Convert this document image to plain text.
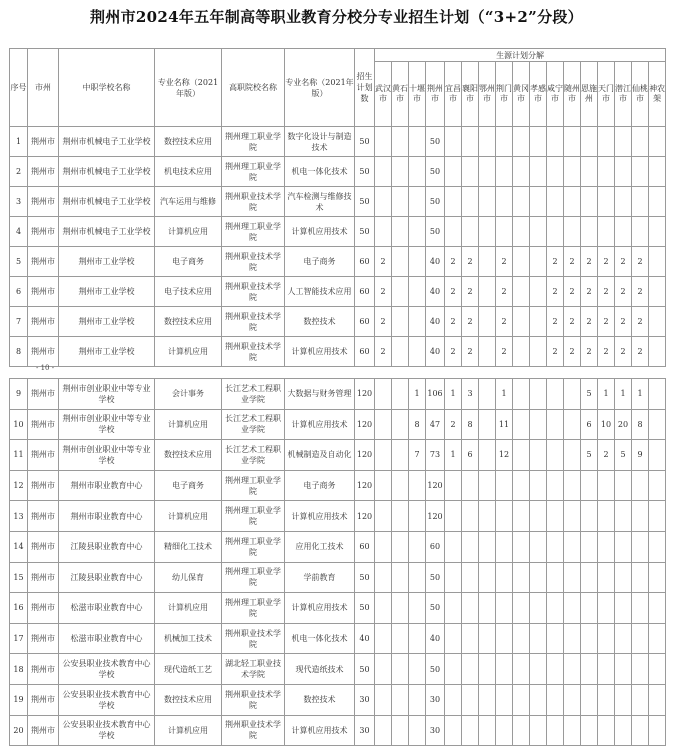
荆州市2024年五年制高等职业教育分校分专业招生计划（“3+2”分段）
序号	市州	中职学校名称	专业名称（2021年版）	高职院校名称	专业名称（2021年版）	招生计划数	生源计划分解																
							武汉市	黄石市	十堰市	荆州市	宜昌市	襄阳市	鄂州市	荆门市	黄冈市	孝感市	咸宁市	随州市	恩施州	天门市	潜江市	仙桃市	神农架
1	荆州市	荆州市机械电子工业学校	数控技术应用	荆州理工职业学院	数字化设计与制造技术	50				50													
2	荆州市	荆州市机械电子工业学校	机电技术应用	荆州理工职业学院	机电一体化技术	50				50													
3	荆州市	荆州市机械电子工业学校	汽车运用与维修	荆州职业技术学院	汽车检测与维修技术	50				50													
4	荆州市	荆州市机械电子工业学校	计算机应用	荆州理工职业学院	计算机应用技术	50				50													
5	荆州市	荆州市工业学校	电子商务	荆州职业技术学院	电子商务	60	2			40	2	2		2			2	2	2	2	2	2	
6	荆州市	荆州市工业学校	电子技术应用	荆州职业技术学院	人工智能技术应用	60	2			40	2	2		2			2	2	2	2	2	2	
7	荆州市	荆州市工业学校	数控技术应用	荆州职业技术学院	数控技术	60	2			40	2	2		2			2	2	2	2	2	2	
8	荆州市	荆州市工业学校	计算机应用	荆州职业技术学院	计算机应用技术	60	2			40	2	2		2			2	2	2	2	2	2	
- 10 -
9	荆州市	荆州市创业职业中等专业学校	会计事务	长江艺术工程职业学院	大数据与财务管理	120			1	106	1	3		1					5	1	1	1	
10	荆州市	荆州市创业职业中等专业学校	计算机应用	长江艺术工程职业学院	计算机应用技术	120			8	47	2	8		11					6	10	20	8	
11	荆州市	荆州市创业职业中等专业学校	数控技术应用	长江艺术工程职业学院	机械制造及自动化	120			7	73	1	6		12					5	2	5	9	
12	荆州市	荆州市职业教育中心	电子商务	荆州理工职业学院	电子商务	120				120													
13	荆州市	荆州市职业教育中心	计算机应用	荆州理工职业学院	计算机应用技术	120				120													
14	荆州市	江陵县职业教育中心	精细化工技术	荆州理工职业学院	应用化工技术	60				60													
15	荆州市	江陵县职业教育中心	幼儿保育	荆州理工职业学院	学前教育	50				50													
16	荆州市	松滋市职业教育中心	计算机应用	荆州理工职业学院	计算机应用技术	50				50													
17	荆州市	松滋市职业教育中心	机械加工技术	荆州职业技术学院	机电一体化技术	40				40													
18	荆州市	公安县职业技术教育中心学校	现代造纸工艺	湖北轻工职业技术学院	现代造纸技术	50				50													
19	荆州市	公安县职业技术教育中心学校	数控技术应用	荆州职业技术学院	数控技术	30				30													
20	荆州市	公安县职业技术教育中心学校	计算机应用	荆州职业技术学院	计算机应用技术	30				30													
